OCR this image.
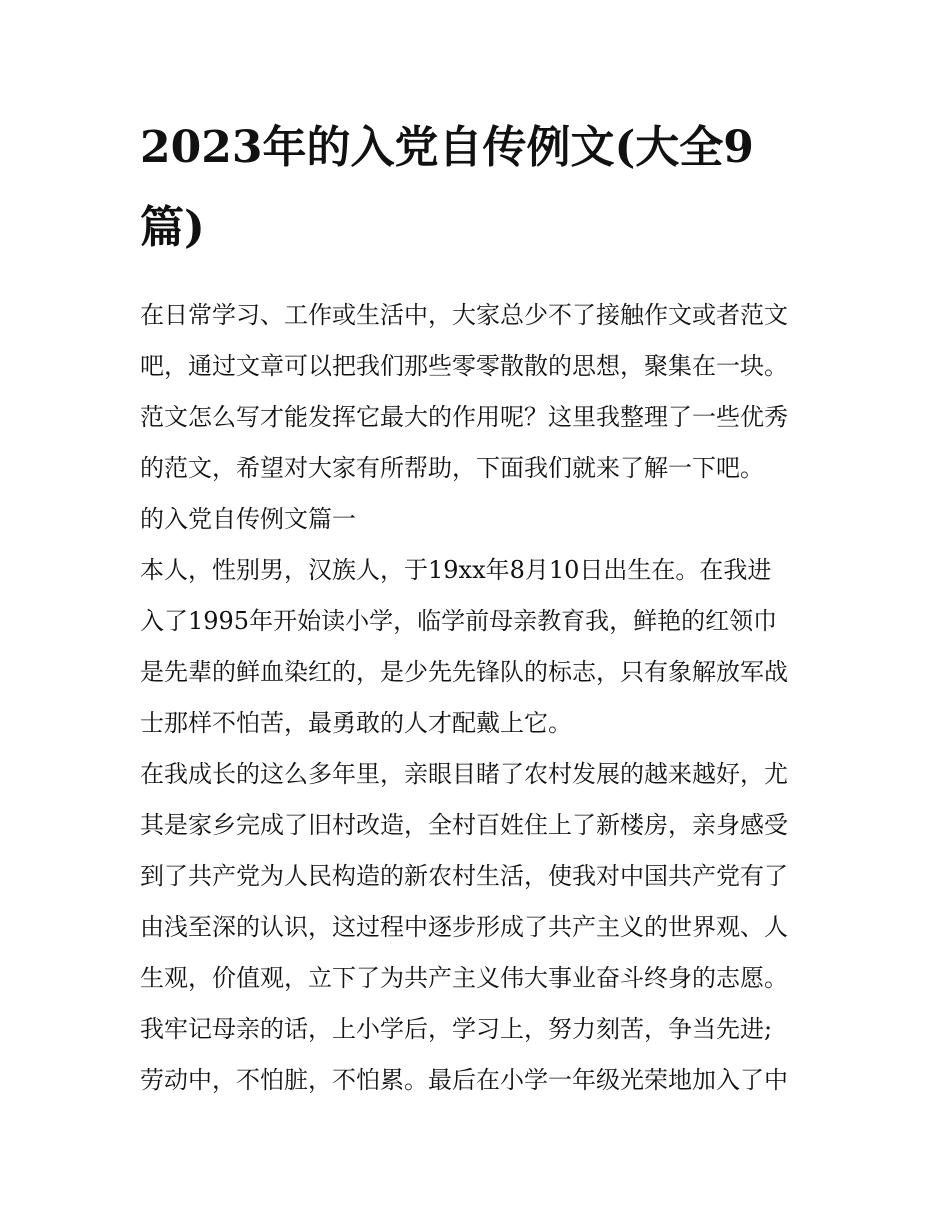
2023年的入党自传例文(大全9
篇)
在日常学习、工作或生活中，大家总少不了接触作文或者范文
吧，通过文章可以把我们那些零零散散的思想，聚集在一块。
范文怎么写才能发挥它最大的作用呢？这里我整理了一些优秀
的范文，希望对大家有所帮助，下面我们就来了解一下吧。
的入党自传例文篇一
本人，性别男，汉族人，于19xx年8月10日出生在。在我进
入了1995年开始读小学，临学前母亲教育我，鲜艳的红领巾
是先辈的鲜血染红的，是少先先锋队的标志，只有象解放军战
士那样不怕苦，最勇敢的人才配戴上它。
在我成长的这么多年里，亲眼目睹了农村发展的越来越好，尤
其是家乡完成了旧村改造，全村百姓住上了新楼房，亲身感受
到了共产党为人民构造的新农村生活，使我对中国共产党有了
由浅至深的认识，这过程中逐步形成了共产主义的世界观、人
生观，价值观，立下了为共产主义伟大事业奋斗终身的志愿。
我牢记母亲的话，上小学后，学习上，努力刻苦，争当先进;
劳动中，不怕脏，不怕累。最后在小学一年级光荣地加入了中
